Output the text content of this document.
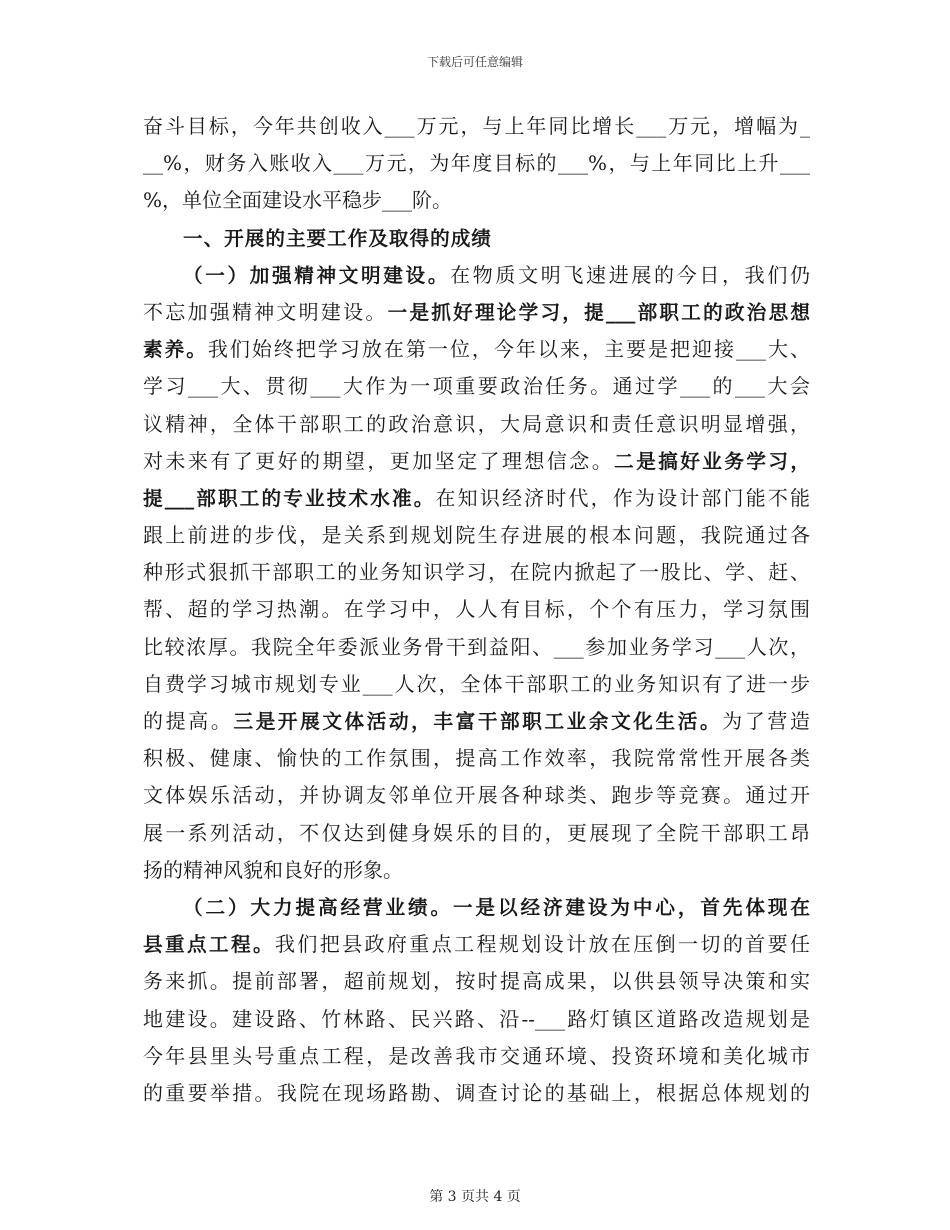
下载后可任意编辑
奋斗目标，今年共创收入___万元，与上年同比增长___万元，增幅为_
__%，财务入账收入___万元，为年度目标的___%，与上年同比上升___
%，单位全面建设水平稳步___阶。
一、开展的主要工作及取得的成绩
（一）加强精神文明建设。在物质文明飞速进展的今日，我们仍
不忘加强精神文明建设。一是抓好理论学习，提___部职工的政治思想
素养。我们始终把学习放在第一位，今年以来，主要是把迎接___大、
学习___大、贯彻___大作为一项重要政治任务。通过学___的___大会
议精神，全体干部职工的政治意识，大局意识和责任意识明显增强，
对未来有了更好的期望，更加坚定了理想信念。二是搞好业务学习，
提___部职工的专业技术水准。在知识经济时代，作为设计部门能不能
跟上前进的步伐，是关系到规划院生存进展的根本问题，我院通过各
种形式狠抓干部职工的业务知识学习，在院内掀起了一股比、学、赶、
帮、超的学习热潮。在学习中，人人有目标，个个有压力，学习氛围
比较浓厚。我院全年委派业务骨干到益阳、___参加业务学习___人次，
自费学习城市规划专业___人次，全体干部职工的业务知识有了进一步
的提高。三是开展文体活动，丰富干部职工业余文化生活。为了营造
积极、健康、愉快的工作氛围，提高工作效率，我院常常性开展各类
文体娱乐活动，并协调友邻单位开展各种球类、跑步等竞赛。通过开
展一系列活动，不仅达到健身娱乐的目的，更展现了全院干部职工昂
扬的精神风貌和良好的形象。
（二）大力提高经营业绩。一是以经济建设为中心，首先体现在
县重点工程。我们把县政府重点工程规划设计放在压倒一切的首要任
务来抓。提前部署，超前规划，按时提高成果，以供县领导决策和实
地建设。建设路、竹林路、民兴路、沿--___路灯镇区道路改造规划是
今年县里头号重点工程，是改善我市交通环境、投资环境和美化城市
的重要举措。我院在现场路勘、调查讨论的基础上，根据总体规划的
第 3 页共 4 页
